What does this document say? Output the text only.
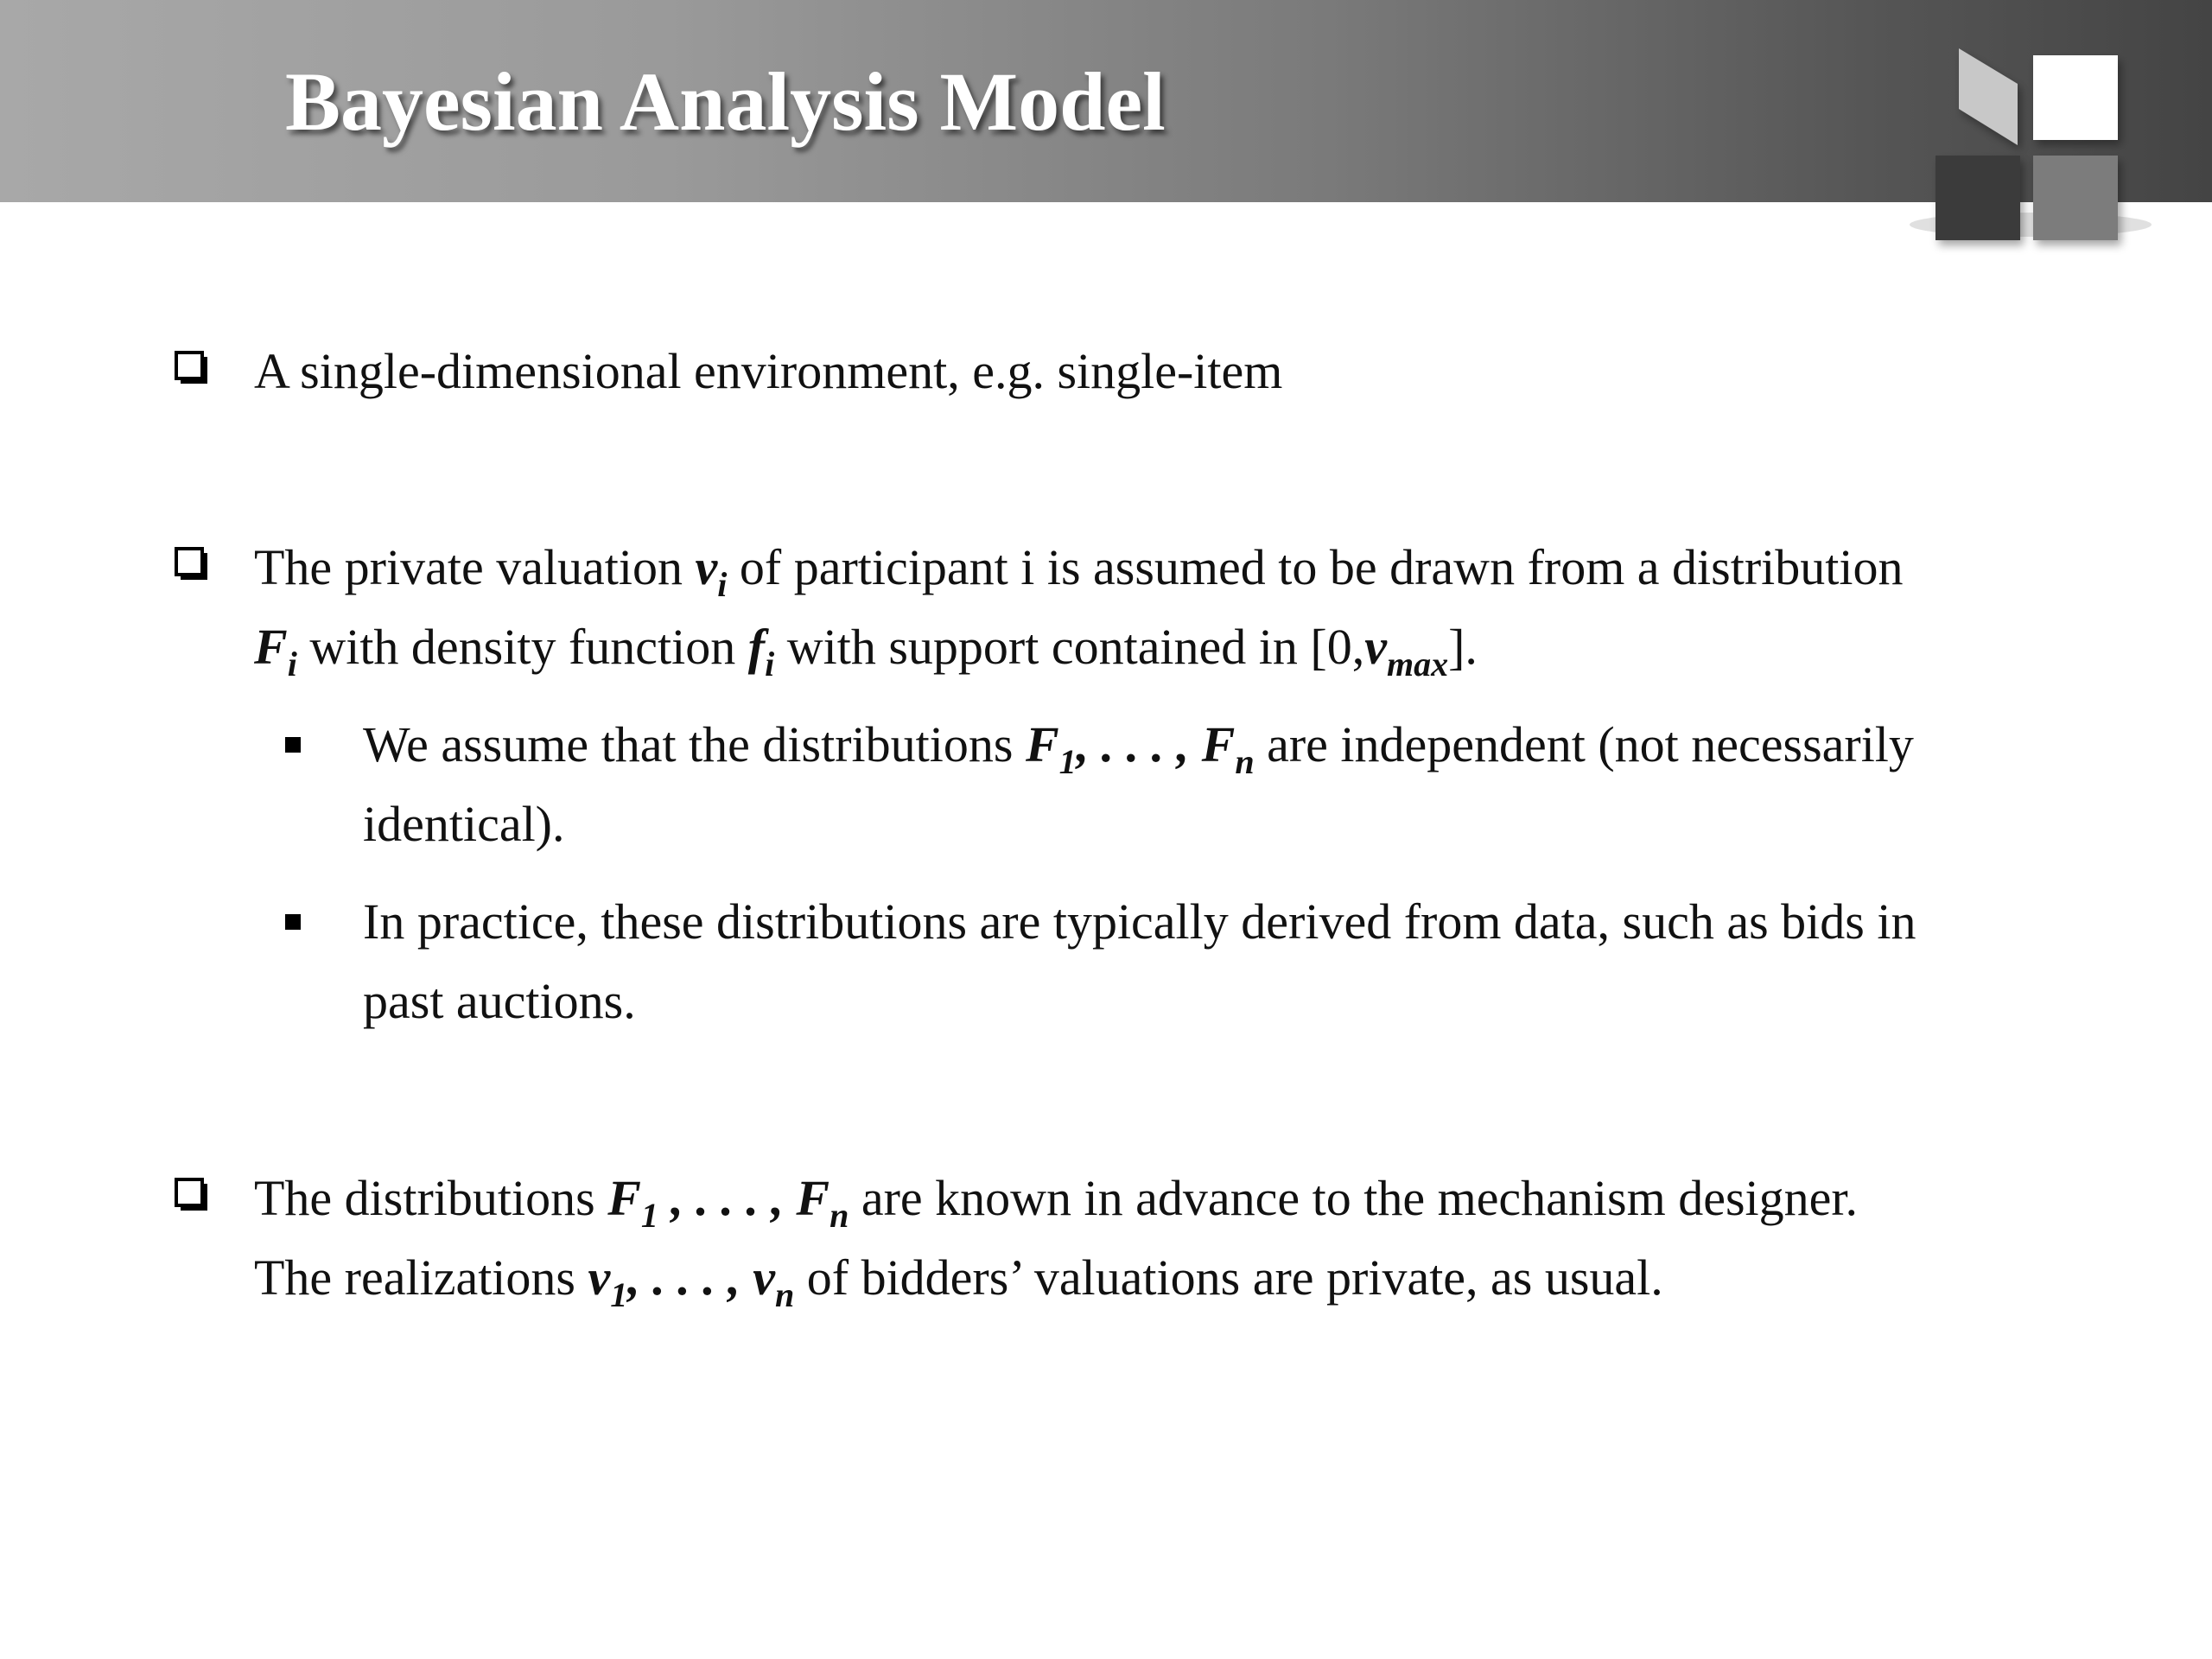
Bayesian Analysis Model

A single-dimensional environment, e.g. single-item

The private valuation $v_i$ of participant i is assumed to be drawn from a distribution
$F_i$ with density function $f_i$ with support contained in $[0,v_{max}]$.

We assume that the distributions $F_1$, . . . , $F_n$ are independent (not necessarily
identical).

In practice, these distributions are typically derived from data, such as bids in
past auctions.

The distributions $F_1$ , . . . , $F_n$ are known in advance to the mechanism designer.
The realizations $v_1$, . . . , $v_n$ of bidders’ valuations are private, as usual.
